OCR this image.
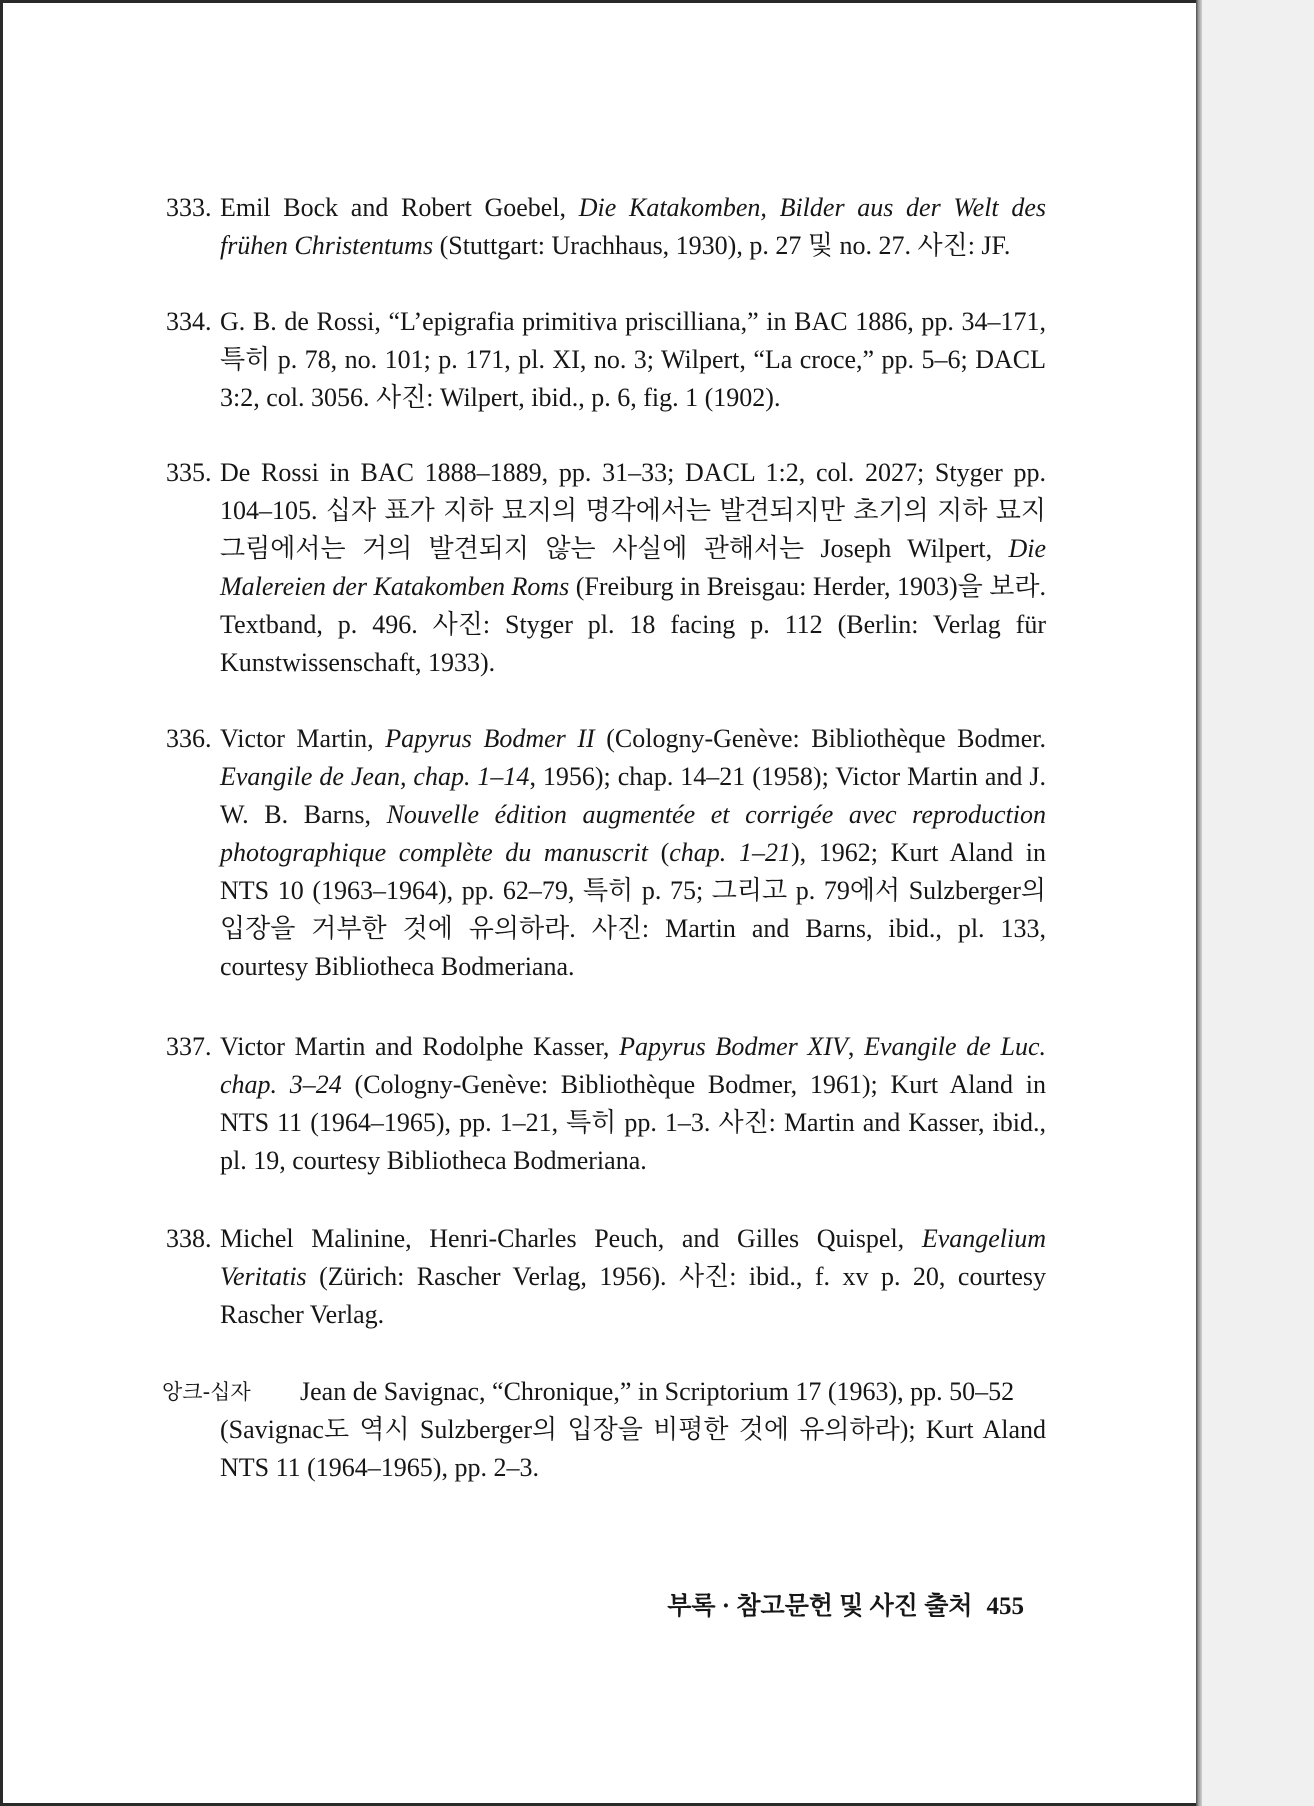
333. Emil Bock and Robert Goebel, Die Katakomben, Bilder aus der Welt des frühen Christentums (Stuttgart: Urachhaus, 1930), p. 27 및 no. 27. 사진: JF.
334. G. B. de Rossi, “L’epigrafia primitiva priscilliana,” in BAC 1886, pp. 34–171, 특히 p. 78, no. 101; p. 171, pl. XI, no. 3; Wilpert, “La croce,” pp. 5–6; DACL 3:2, col. 3056. 사진: Wilpert, ibid., p. 6, fig. 1 (1902).
335. De Rossi in BAC 1888–1889, pp. 31–33; DACL 1:2, col. 2027; Styger pp. 104–105. 십자 표가 지하 묘지의 명각에서는 발견되지만 초기의 지하 묘지 그림에서는 거의 발견되지 않는 사실에 관해서는 Joseph Wilpert, Die Malereien der Katakomben Roms (Freiburg in Breisgau: Herder, 1903)을 보라. Textband, p. 496. 사진: Styger pl. 18 facing p. 112 (Berlin: Verlag für Kunstwissenschaft, 1933).
336. Victor Martin, Papyrus Bodmer II (Cologny-Genève: Bibliothèque Bodmer. Evangile de Jean, chap. 1–14, 1956); chap. 14–21 (1958); Victor Martin and J. W. B. Barns, Nouvelle édition augmentée et corrigée avec reproduction photographique complète du manuscrit (chap. 1–21), 1962; Kurt Aland in NTS 10 (1963–1964), pp. 62–79, 특히 p. 75; 그리고 p. 79에서 Sulzberger의 입장을 거부한 것에 유의하라. 사진: Martin and Barns, ibid., pl. 133, courtesy Bibliotheca Bodmeriana.
337. Victor Martin and Rodolphe Kasser, Papyrus Bodmer XIV, Evangile de Luc. chap. 3–24 (Cologny-Genève: Bibliothèque Bodmer, 1961); Kurt Aland in NTS 11 (1964–1965), pp. 1–21, 특히 pp. 1–3. 사진: Martin and Kasser, ibid., pl. 19, courtesy Bibliotheca Bodmeriana.
338. Michel Malinine, Henri-Charles Peuch, and Gilles Quispel, Evangelium Veritatis (Zürich: Rascher Verlag, 1956). 사진: ibid., f. xv p. 20, courtesy Rascher Verlag.
앙크-십자 Jean de Savignac, “Chronique,” in Scriptorium 17 (1963), pp. 50–52
(Savignac도 역시 Sulzberger의 입장을 비평한 것에 유의하라); Kurt Aland NTS 11 (1964–1965), pp. 2–3.
부록 · 참고문헌 및 사진 출처 455
